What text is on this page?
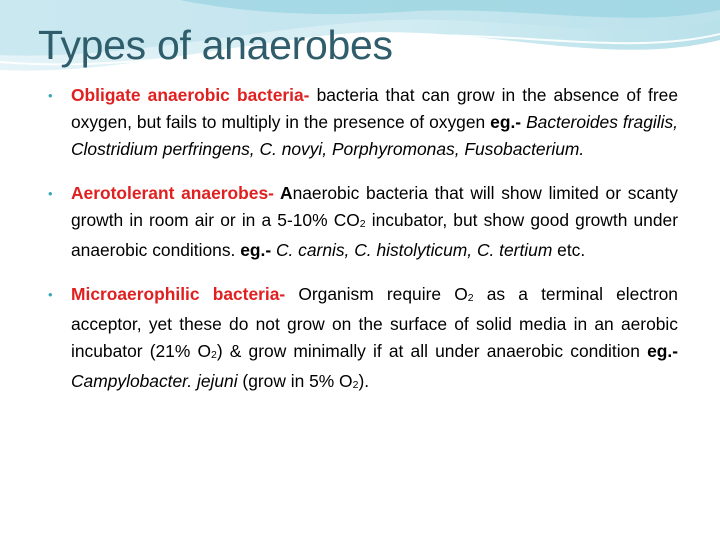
Types of anaerobes
• Obligate anaerobic bacteria- bacteria that can grow in the absence of free oxygen, but fails to multiply in the presence of oxygen eg.- Bacteroides fragilis, Clostridium perfringens, C. novyi, Porphyromonas, Fusobacterium.
• Aerotolerant anaerobes- Anaerobic bacteria that will show limited or scanty growth in room air or in a 5-10% $CO_2$ incubator, but show good growth under anaerobic conditions. eg.- C. carnis, C. histolyticum, C. tertium etc.
• Microaerophilic bacteria- Organism require $O_2$ as a terminal electron acceptor, yet these do not grow on the surface of solid media in an aerobic incubator (21% $O_2$) & grow minimally if at all under anaerobic condition eg.- Campylobacter. jejuni (grow in 5% $O_2$).
